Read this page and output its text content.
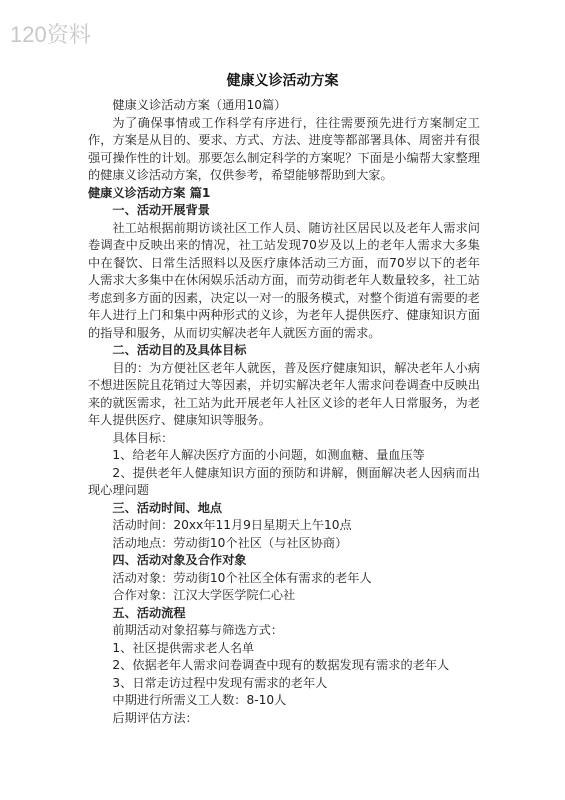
120资料
健康义诊活动方案

健康义诊活动方案（通用10篇）

为了确保事情或工作科学有序进行，往往需要预先进行方案制定工作，方案是从目的、要求、方式、方法、进度等都部署具体、周密并有很强可操作性的计划。那要怎么制定科学的方案呢？下面是小编帮大家整理的健康义诊活动方案，仅供参考，希望能够帮助到大家。

健康义诊活动方案 篇1

一、活动开展背景

社工站根据前期访谈社区工作人员、随访社区居民以及老年人需求问卷调查中反映出来的情况，社工站发现70岁及以上的老年人需求大多集中在餐饮、日常生活照料以及医疗康体活动三方面，而70岁以下的老年人需求大多集中在休闲娱乐活动方面，而劳动街老年人数量较多，社工站考虑到多方面的因素，决定以一对一的服务模式，对整个街道有需要的老年人进行上门和集中两种形式的义诊，为老年人提供医疗、健康知识方面的指导和服务，从而切实解决老年人就医方面的需求。

二、活动目的及具体目标

目的：为方便社区老年人就医，普及医疗健康知识，解决老年人小病不想进医院且花销过大等因素，并切实解决老年人需求问卷调查中反映出来的就医需求，社工站为此开展老年人社区义诊的老年人日常服务，为老年人提供医疗、健康知识等服务。

具体目标：

1、给老年人解决医疗方面的小问题，如测血糖、量血压等

2、提供老年人健康知识方面的预防和讲解，侧面解决老人因病而出现心理问题

三、活动时间、地点

活动时间：20xx年11月9日星期天上午10点

活动地点：劳动街10个社区（与社区协商）

四、活动对象及合作对象

活动对象：劳动街10个社区全体有需求的老年人

合作对象：江汉大学医学院仁心社

五、活动流程

前期活动对象招募与筛选方式：

1、社区提供需求老人名单

2、依据老年人需求问卷调查中现有的数据发现有需求的老年人

3、日常走访过程中发现有需求的老年人

中期进行所需义工人数：8-10人

后期评估方法：
